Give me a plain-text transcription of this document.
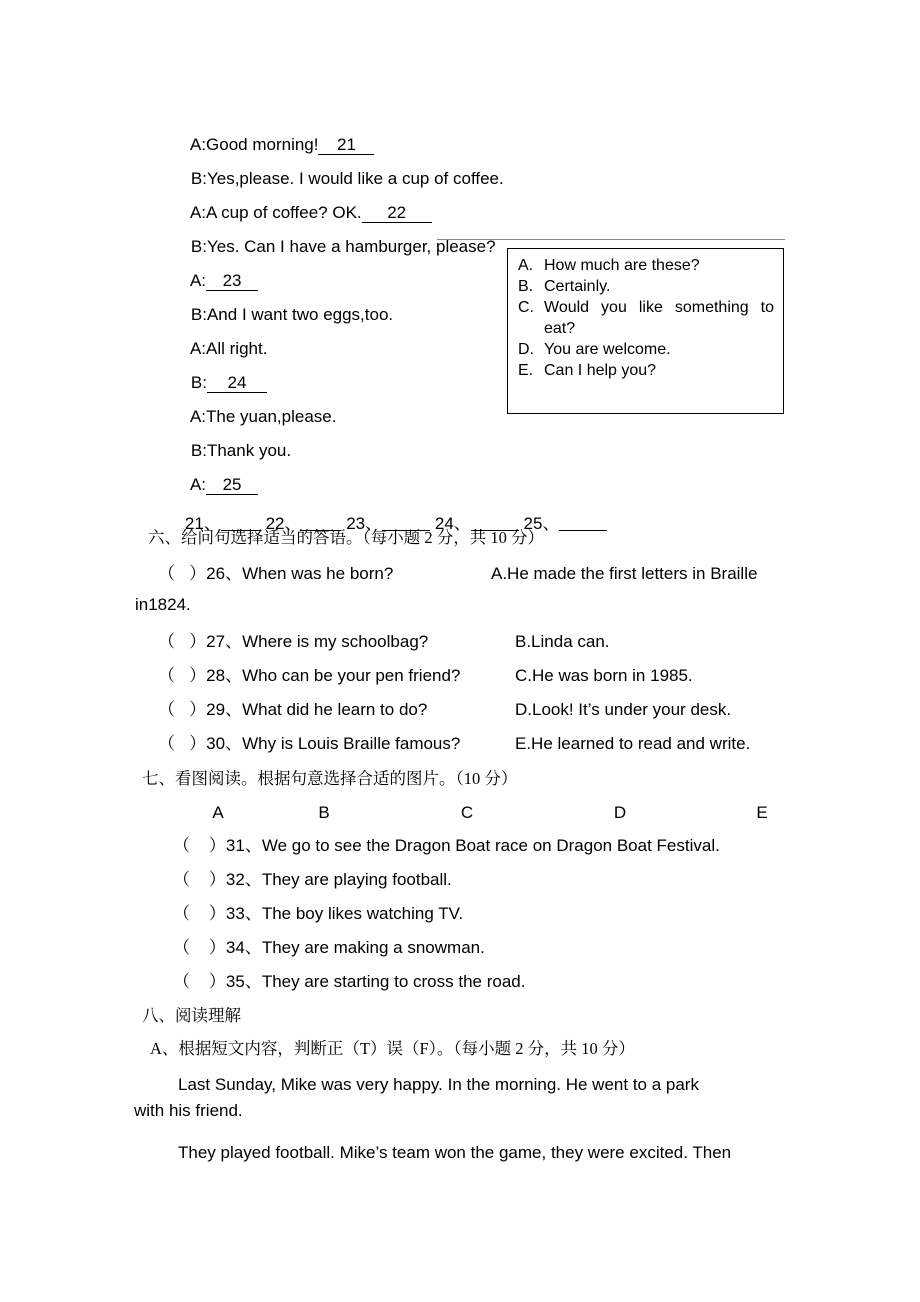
A:Good morning! 21

B:Yes,please. I would like a cup of coffee.

A:A cup of coffee? OK. 22

B:Yes. Can I have a hamburger, please?

A: 23

B:And I want two eggs,too.

A:All right.

B: 24

A:The yuan,please.

B:Thank you.

A: 25

A. How much are these?
B. Certainly.
C. Would you like something to
eat?
D. You are welcome.
E. Can I help you?

21、	22、	23、	24、	25、

六、给问句选择适当的答语。（每小题 2 分，共 10 分）
（   ）26、When was he born?	A.He made the first letters in Braille
in1824.
（   ）27、Where is my schoolbag?	B.Linda can.
（   ）28、Who can be your pen friend?	C.He was born in 1985.
（   ）29、What did he learn to do?	D.Look! It’s under your desk.
（   ）30、Why is Louis Braille famous?	E.He learned to read and write.
七、看图阅读。根据句意选择合适的图片。（10 分）
A	B	C	D	E
（    ）31、We go to see the Dragon Boat race on Dragon Boat Festival.
（    ）32、They are playing football.
（    ）33、The boy likes watching TV.
（    ）34、They are making a snowman.
（    ）35、They are starting to cross the road.
八、阅读理解
A、根据短文内容，判断正（T）误（F）。（每小题 2 分，共 10 分）
Last Sunday, Mike was very happy. In the morning. He went to a park
with his friend.
They played football. Mike’s team won the game, they were excited. Then
